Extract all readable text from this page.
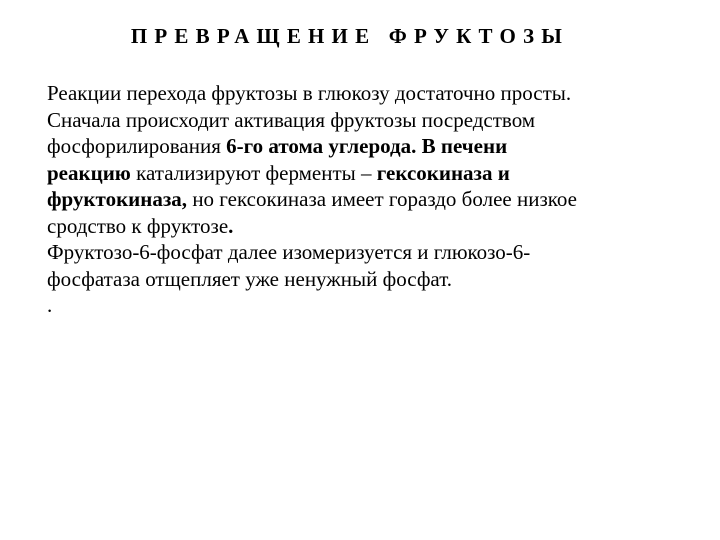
ПРЕВРАЩЕНИЕ ФРУКТОЗЫ
Реакции перехода фруктозы в глюкозу достаточно просты.
Сначала происходит активация фруктозы посредством
фосфорилирования 6-го атома углерода. В печени
реакцию катализируют ферменты – гексокиназа и
фруктокиназа, но гексокиназа имеет гораздо более низкое
сродство к фруктозе.
Фруктозо-6-фосфат далее изомеризуется и глюкозо-6-
фосфатаза отщепляет уже ненужный фосфат.
.
